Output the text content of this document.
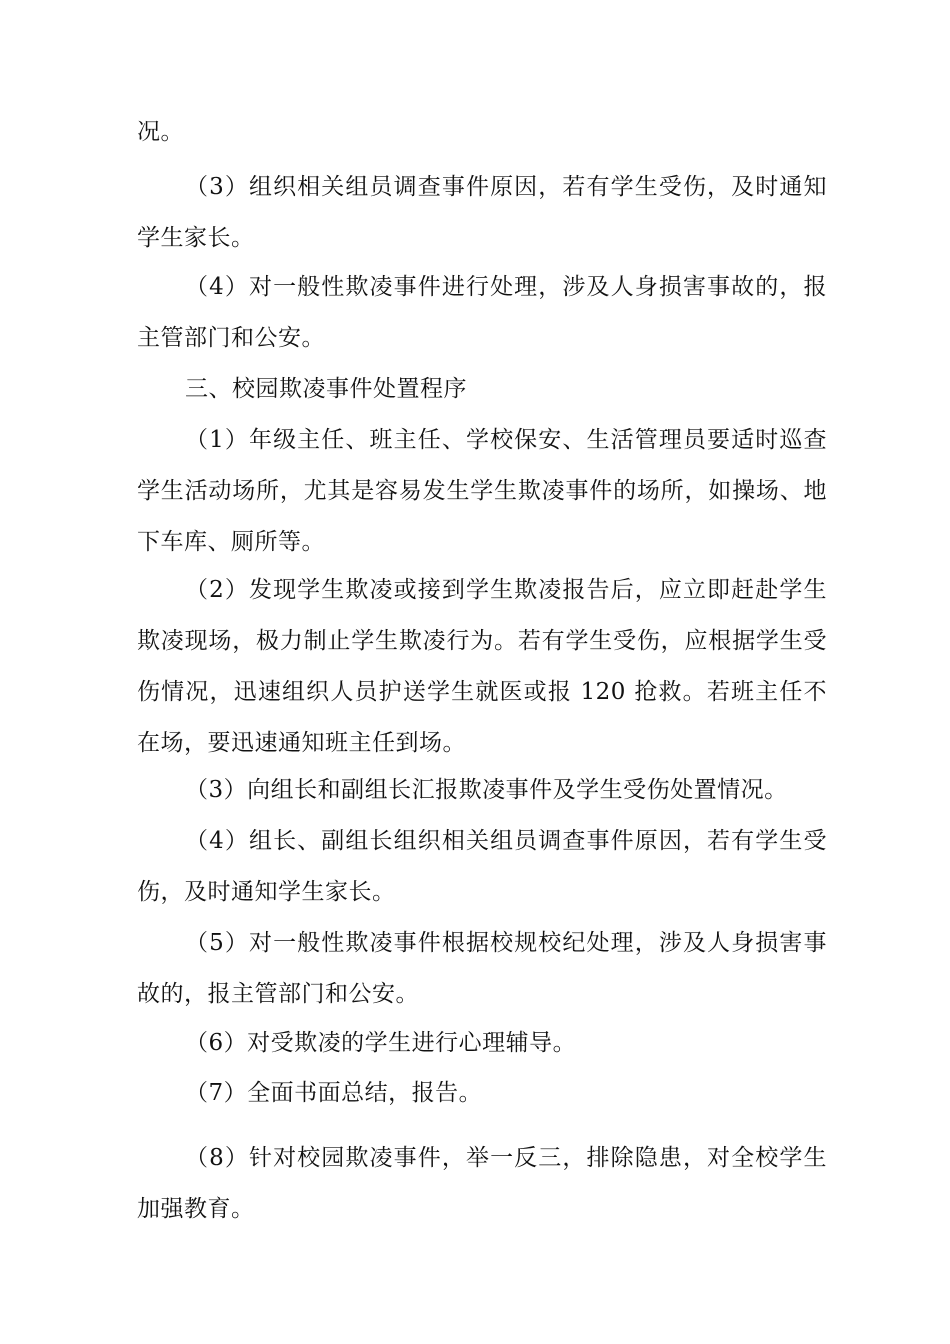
况。

（3）组织相关组员调查事件原因，若有学生受伤，及时通知学生家长。

（4）对一般性欺凌事件进行处理，涉及人身损害事故的，报主管部门和公安。

三、校园欺凌事件处置程序

（1）年级主任、班主任、学校保安、生活管理员要适时巡查学生活动场所，尤其是容易发生学生欺凌事件的场所，如操场、地下车库、厕所等。

（2）发现学生欺凌或接到学生欺凌报告后，应立即赶赴学生欺凌现场，极力制止学生欺凌行为。若有学生受伤，应根据学生受伤情况，迅速组织人员护送学生就医或报 120 抢救。若班主任不在场，要迅速通知班主任到场。

（3）向组长和副组长汇报欺凌事件及学生受伤处置情况。

（4）组长、副组长组织相关组员调查事件原因，若有学生受伤，及时通知学生家长。

（5）对一般性欺凌事件根据校规校纪处理，涉及人身损害事故的，报主管部门和公安。

（6）对受欺凌的学生进行心理辅导。

（7）全面书面总结，报告。

（8）针对校园欺凌事件，举一反三，排除隐患，对全校学生加强教育。
